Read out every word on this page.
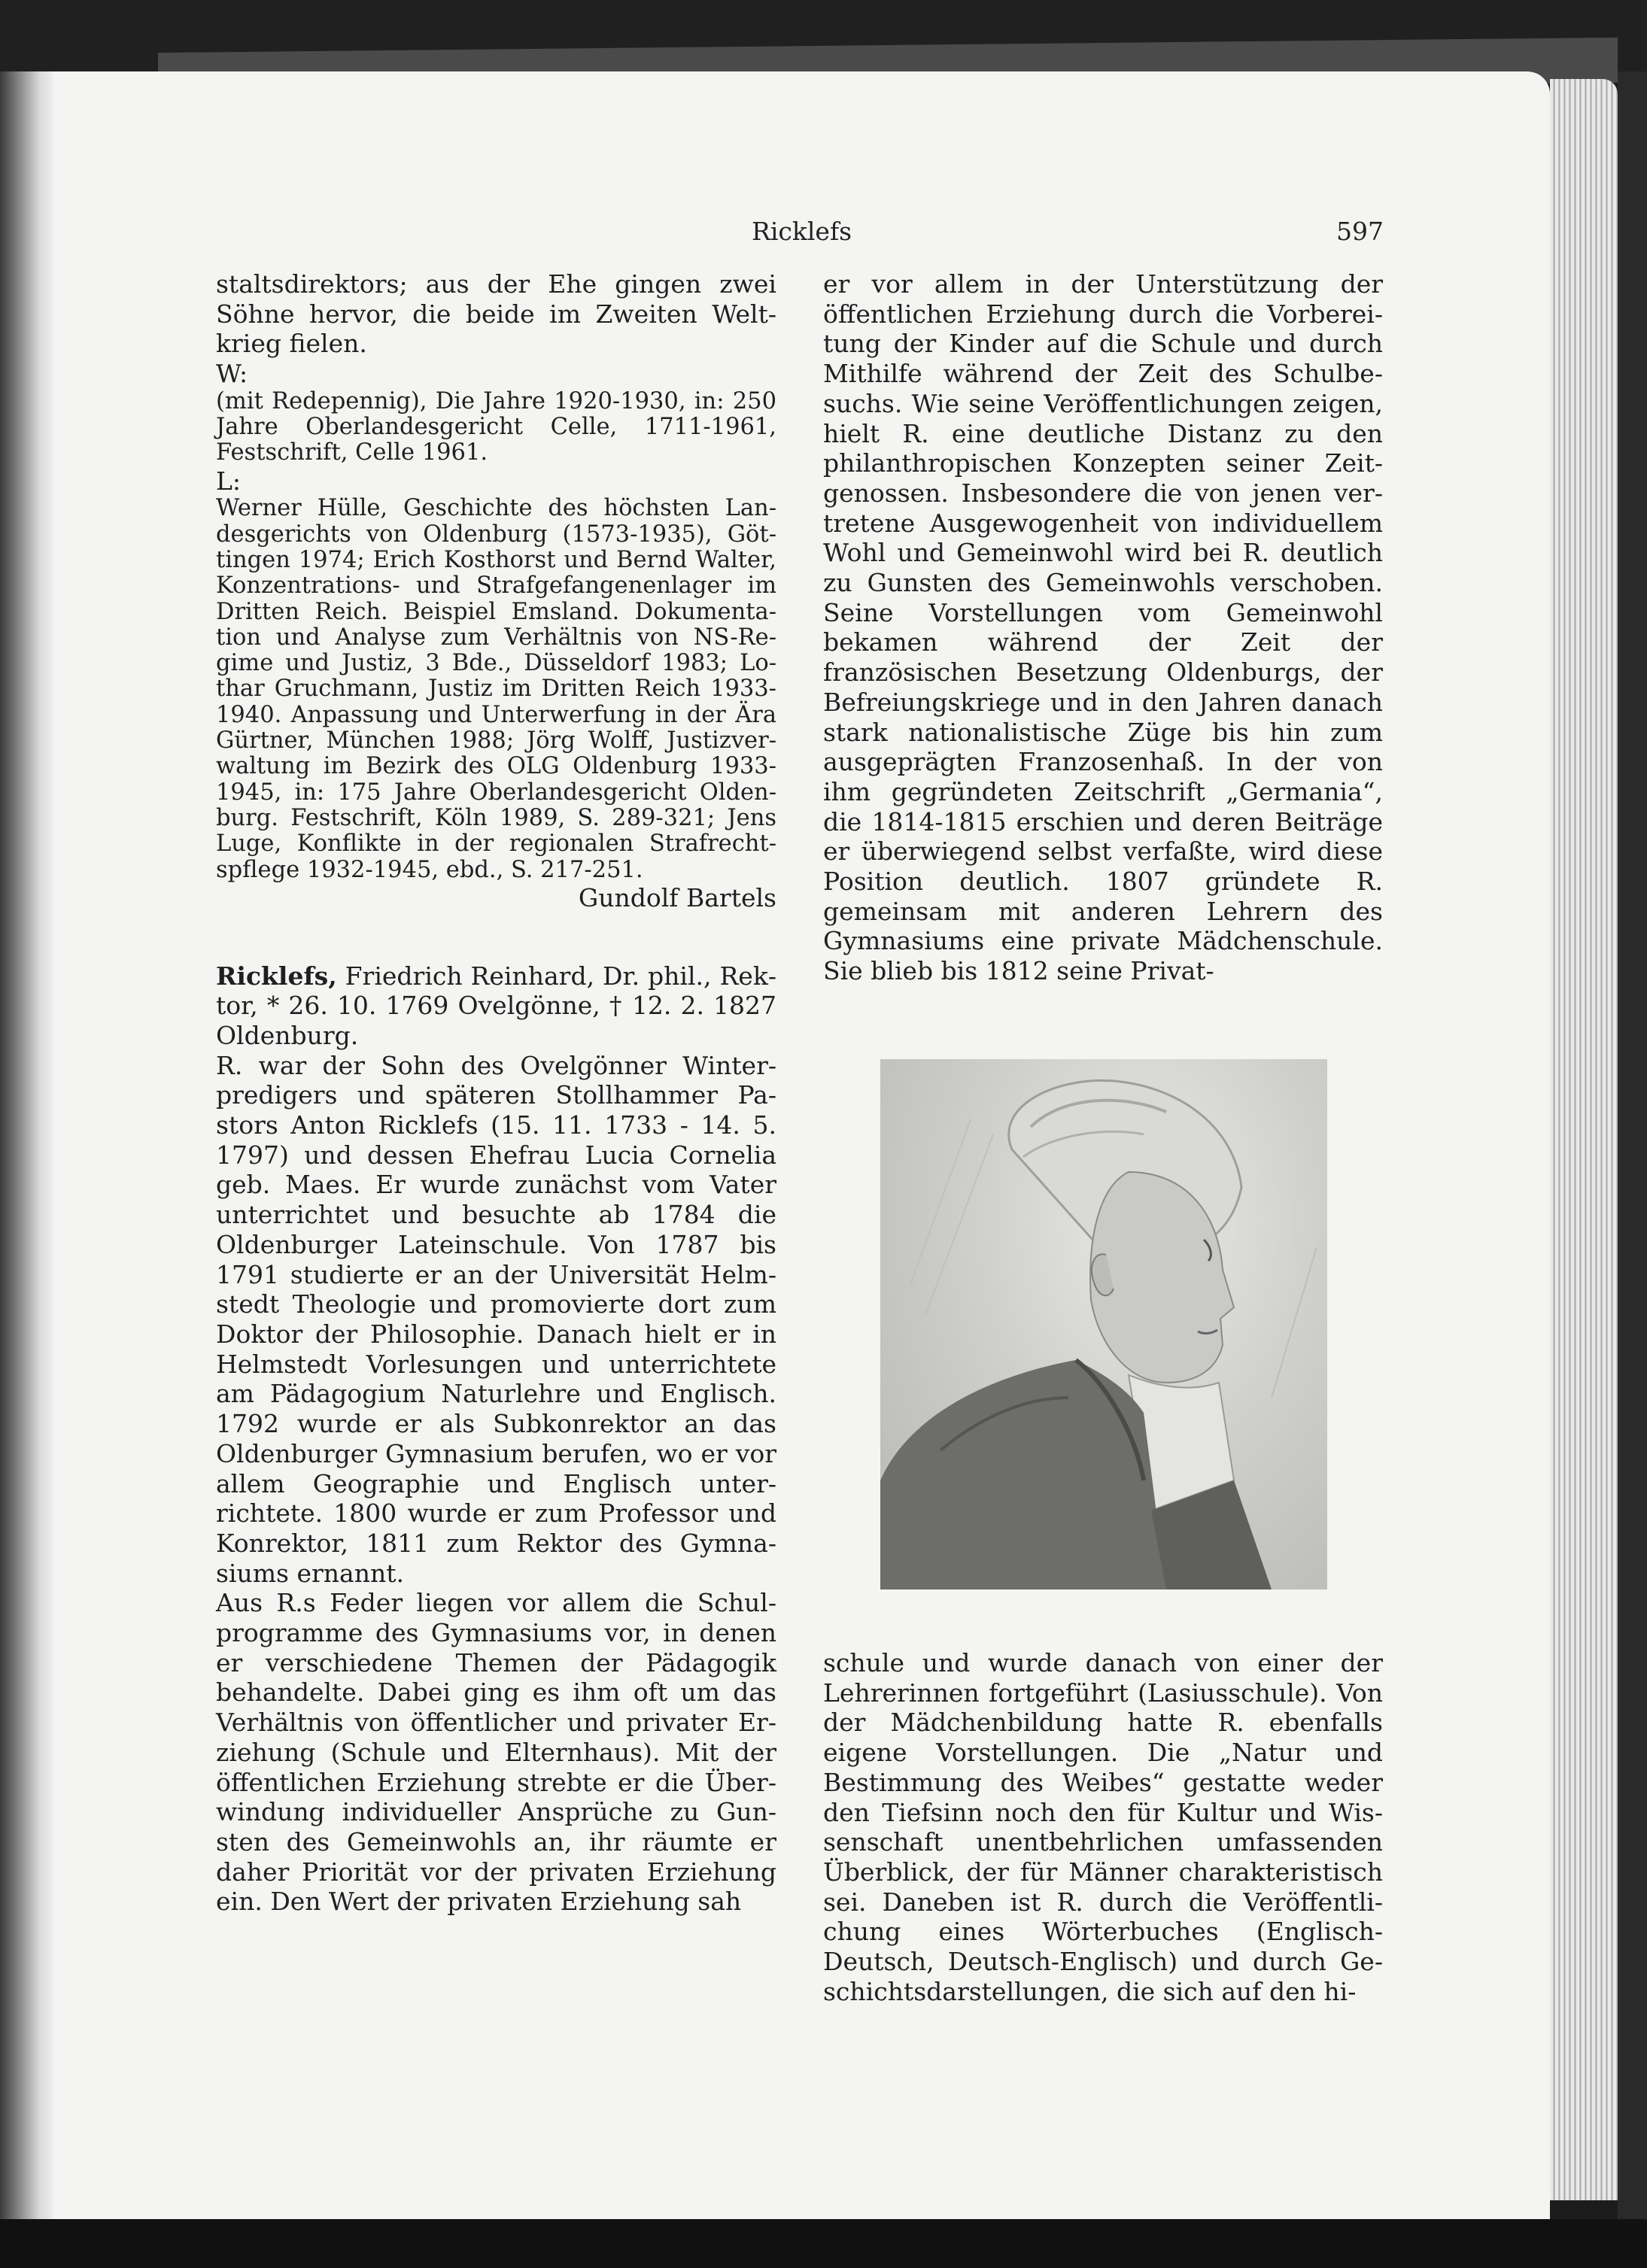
Ricklefs	597

staltsdirektors; aus der Ehe gingen zwei Söhne hervor, die beide im Zweiten Weltkrieg fielen.

W:

(mit Redepennig), Die Jahre 1920-1930, in: 250 Jahre Oberlandesgericht Celle, 1711-1961, Festschrift, Celle 1961.

L:

Werner Hülle, Geschichte des höchsten Landesgerichts von Oldenburg (1573-1935), Göttingen 1974; Erich Kosthorst und Bernd Walter, Konzentrations- und Strafgefangenenlager im Dritten Reich. Beispiel Emsland. Dokumentation und Analyse zum Verhältnis von NS-Regime und Justiz, 3 Bde., Düsseldorf 1983; Lothar Gruchmann, Justiz im Dritten Reich 1933-1940. Anpassung und Unterwerfung in der Ära Gürtner, München 1988; Jörg Wolff, Justizverwaltung im Bezirk des OLG Oldenburg 1933-1945, in: 175 Jahre Oberlandesgericht Oldenburg. Festschrift, Köln 1989, S. 289-321; Jens Luge, Konflikte in der regionalen Strafrechtspflege 1932-1945, ebd., S. 217-251.

Gundolf Bartels

Ricklefs, Friedrich Reinhard, Dr. phil., Rektor, * 26. 10. 1769 Ovelgönne, † 12. 2. 1827 Oldenburg.

R. war der Sohn des Ovelgönner Winterpredigers und späteren Stollhammer Pastors Anton Ricklefs (15. 11. 1733 - 14. 5. 1797) und dessen Ehefrau Lucia Cornelia geb. Maes. Er wurde zunächst vom Vater unterrichtet und besuchte ab 1784 die Oldenburger Lateinschule. Von 1787 bis 1791 studierte er an der Universität Helmstedt Theologie und promovierte dort zum Doktor der Philosophie. Danach hielt er in Helmstedt Vorlesungen und unterrichtete am Pädagogium Naturlehre und Englisch. 1792 wurde er als Subkonrektor an das Oldenburger Gymnasium berufen, wo er vor allem Geographie und Englisch unterrichtete. 1800 wurde er zum Professor und Konrektor, 1811 zum Rektor des Gymnasiums ernannt.

Aus R.s Feder liegen vor allem die Schulprogramme des Gymnasiums vor, in denen er verschiedene Themen der Pädagogik behandelte. Dabei ging es ihm oft um das Verhältnis von öffentlicher und privater Erziehung (Schule und Elternhaus). Mit der öffentlichen Erziehung strebte er die Überwindung individueller Ansprüche zu Gunsten des Gemeinwohls an, ihr räumte er daher Priorität vor der privaten Erziehung ein. Den Wert der privaten Erziehung sah

er vor allem in der Unterstützung der öffentlichen Erziehung durch die Vorbereitung der Kinder auf die Schule und durch Mithilfe während der Zeit des Schulbesuchs. Wie seine Veröffentlichungen zeigen, hielt R. eine deutliche Distanz zu den philanthropischen Konzepten seiner Zeitgenossen. Insbesondere die von jenen vertretene Ausgewogenheit von individuellem Wohl und Gemeinwohl wird bei R. deutlich zu Gunsten des Gemeinwohls verschoben. Seine Vorstellungen vom Gemeinwohl bekamen während der Zeit der französischen Besetzung Oldenburgs, der Befreiungskriege und in den Jahren danach stark nationalistische Züge bis hin zum ausgeprägten Franzosenhaß. In der von ihm gegründeten Zeitschrift „Germania“, die 1814-1815 erschien und deren Beiträge er überwiegend selbst verfaßte, wird diese Position deutlich. 1807 gründete R. gemeinsam mit anderen Lehrern des Gymnasiums eine private Mädchenschule. Sie blieb bis 1812 seine Privat-

schule und wurde danach von einer der Lehrerinnen fortgeführt (Lasiusschule). Von der Mädchenbildung hatte R. ebenfalls eigene Vorstellungen. Die „Natur und Bestimmung des Weibes“ gestatte weder den Tiefsinn noch den für Kultur und Wissenschaft unentbehrlichen umfassenden Überblick, der für Männer charakteristisch sei. Daneben ist R. durch die Veröffentlichung eines Wörterbuches (Englisch-Deutsch, Deutsch-Englisch) und durch Geschichtsdarstellungen, die sich auf den hi-
